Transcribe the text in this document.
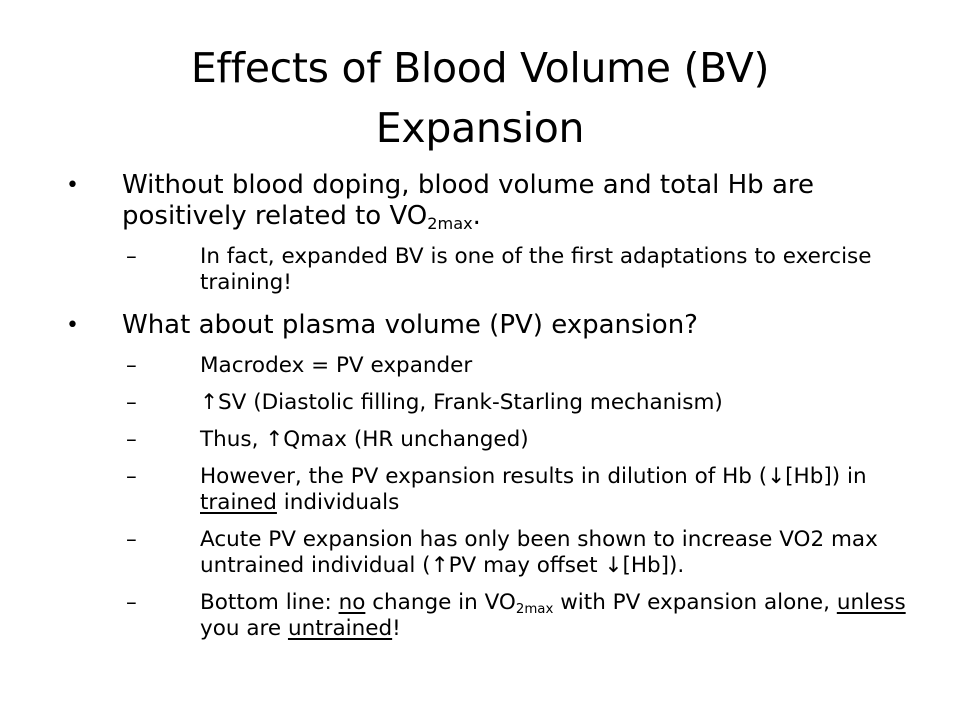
Effects of Blood Volume (BV)
Expansion
•	Without blood doping, blood volume and total Hb are positively related to $VO_{2max}$.
–	In fact, expanded BV is one of the first adaptations to exercise training!
•	What about plasma volume (PV) expansion?
–	Macrodex = PV expander
–	↑SV (Diastolic filling, Frank-Starling mechanism)
–	Thus, ↑Qmax (HR unchanged)
–	However, the PV expansion results in dilution of Hb (↓[Hb]) in trained individuals
–	Acute PV expansion has only been shown to increase VO2 max untrained individual (↑PV may offset ↓[Hb]).
–	Bottom line: no change in $VO_{2max}$ with PV expansion alone, unless you are untrained!
